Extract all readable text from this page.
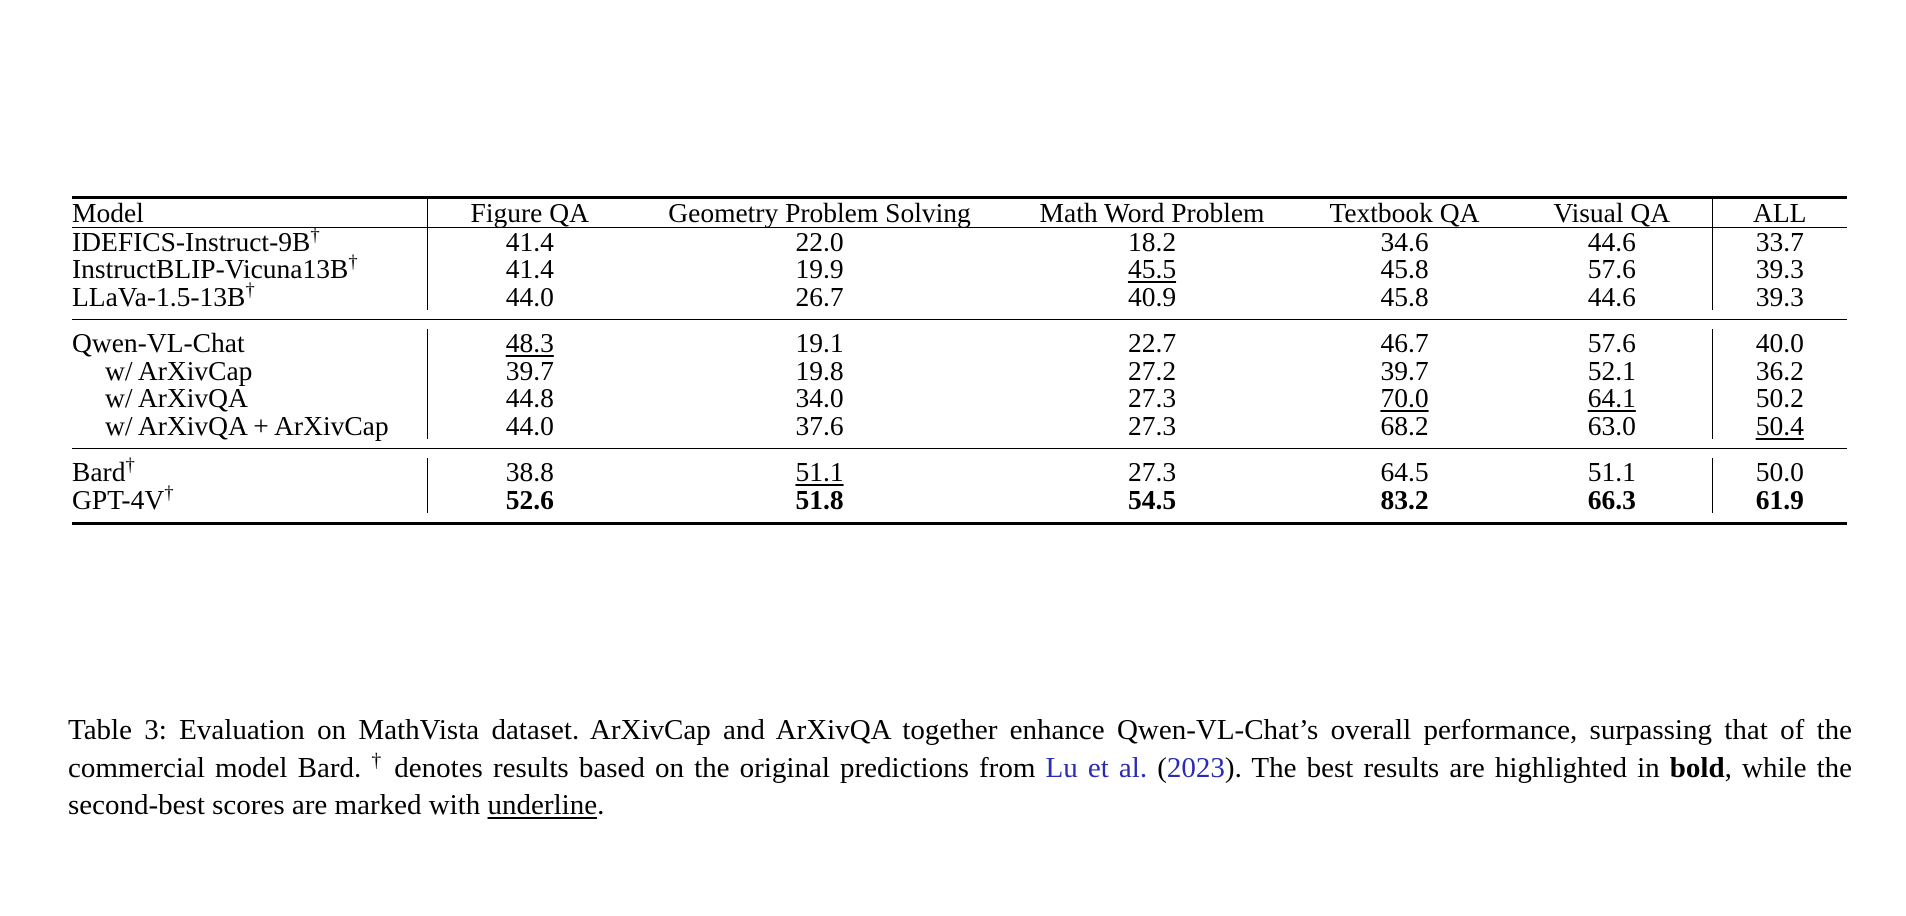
Model	Figure QA	Geometry Problem Solving	Math Word Problem	Textbook QA	Visual QA	ALL

IDEFICS-Instruct-9B†	41.4	22.0	18.2	34.6	44.6	33.7
InstructBLIP-Vicuna13B†	41.4	19.9	45.5	45.8	57.6	39.3
LLaVa-1.5-13B†	44.0	26.7	40.9	45.8	44.6	39.3

Qwen-VL-Chat	48.3	19.1	22.7	46.7	57.6	40.0
w/ ArXivCap	39.7	19.8	27.2	39.7	52.1	36.2
w/ ArXivQA	44.8	34.0	27.3	70.0	64.1	50.2
w/ ArXivQA + ArXivCap	44.0	37.6	27.3	68.2	63.0	50.4

Bard†	38.8	51.1	27.3	64.5	51.1	50.0
GPT-4V†	52.6	51.8	54.5	83.2	66.3	61.9

Table 3: Evaluation on MathVista dataset. ArXivCap and ArXivQA together enhance Qwen-VL-Chat’s overall performance, surpassing that of the commercial model Bard. † denotes results based on the original predictions from Lu et al. (2023). The best results are highlighted in bold, while the second-best scores are marked with underline.
